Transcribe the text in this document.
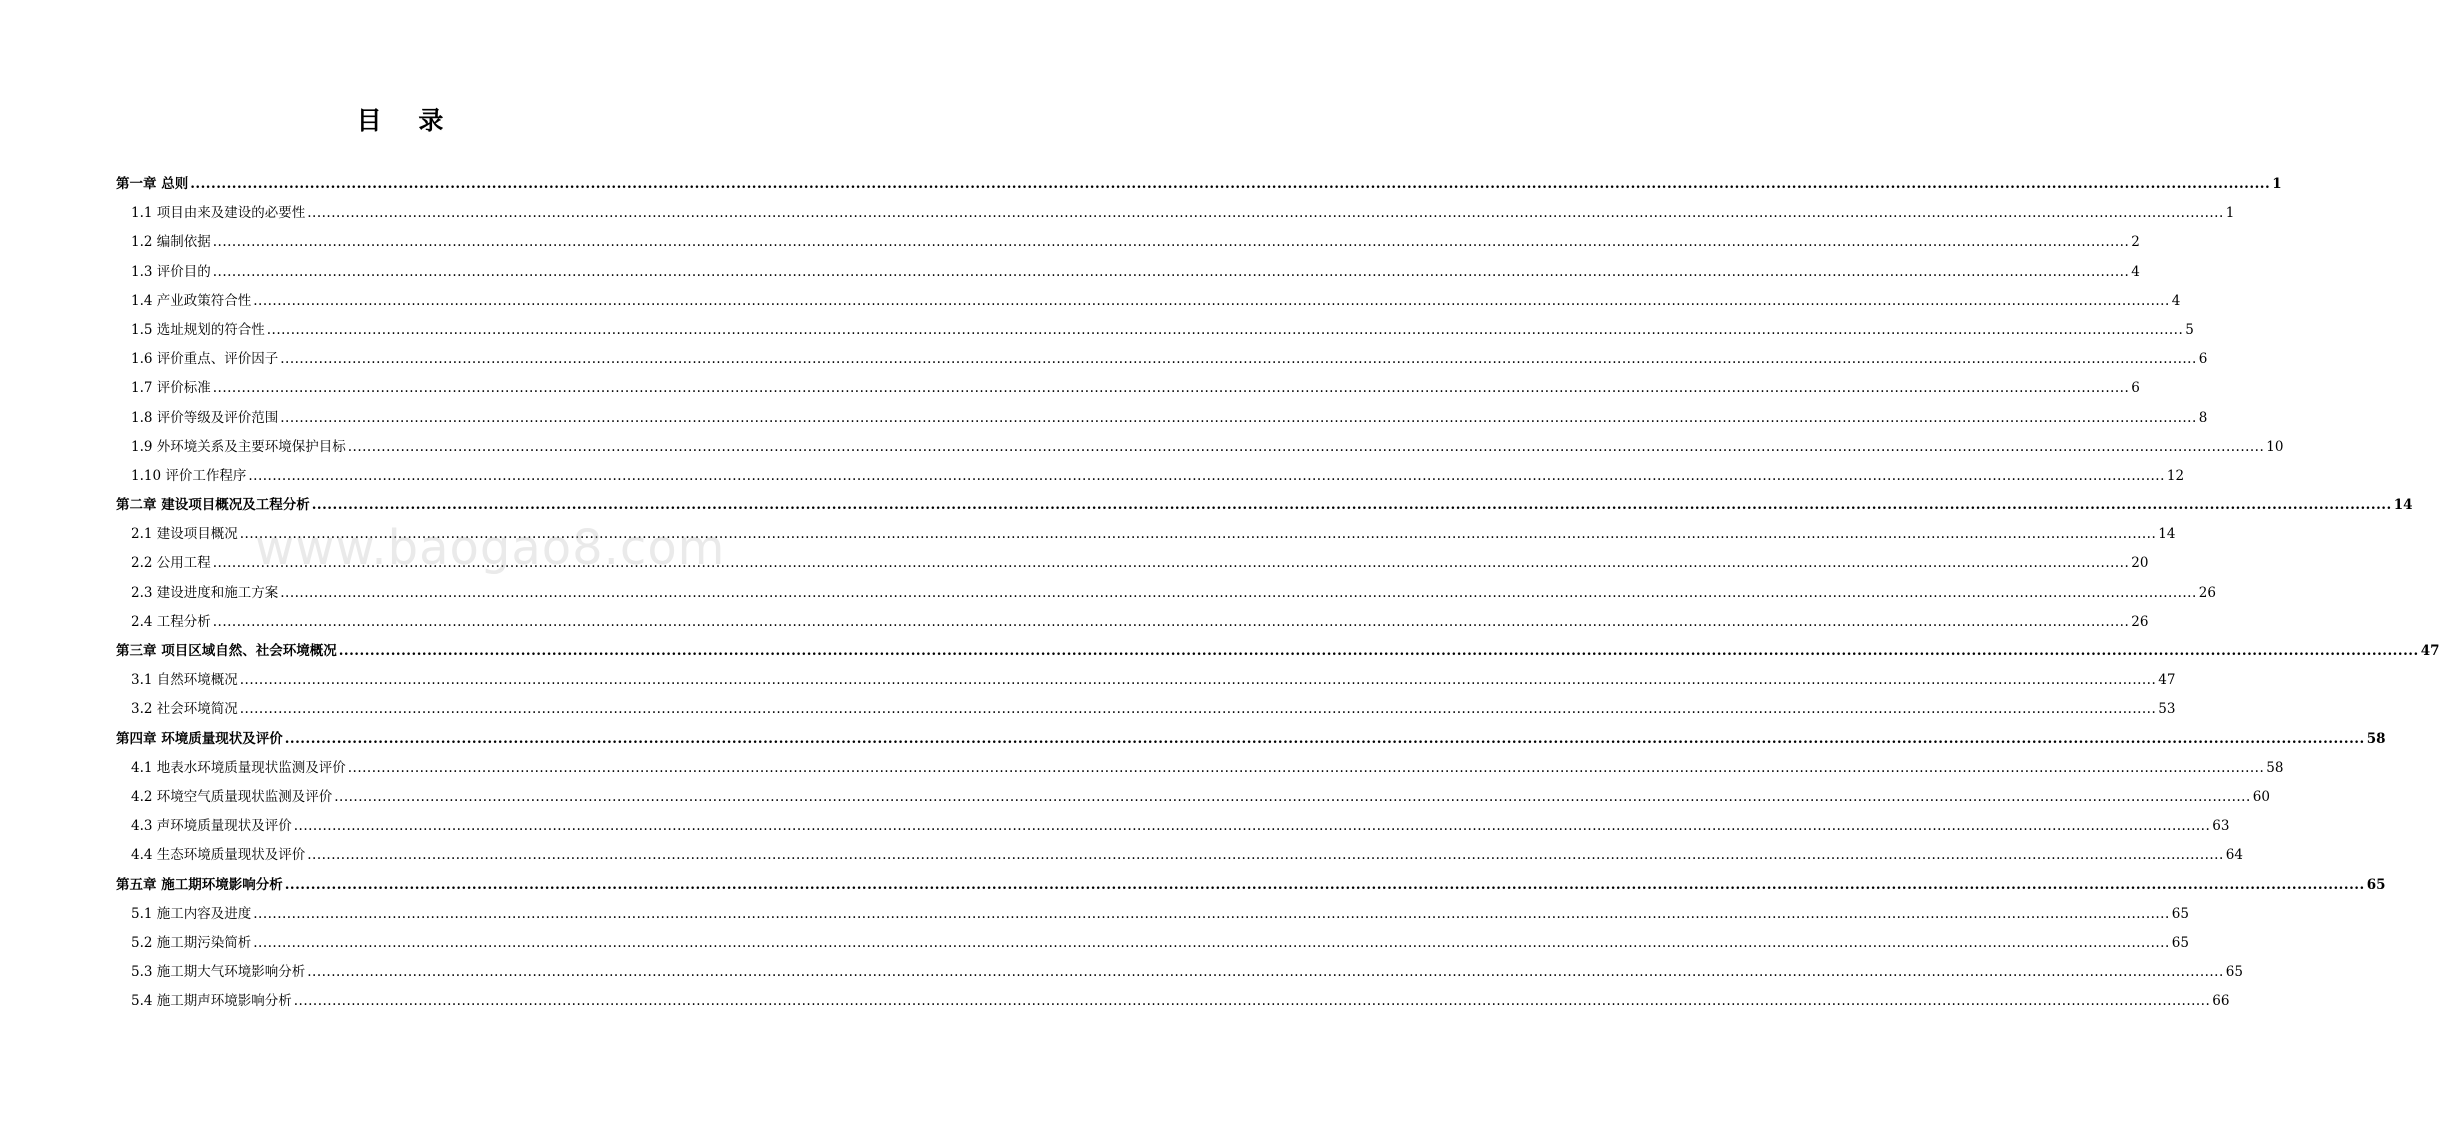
目 录
第一章 总则 ................................................................................................................................................................................................................................................................................................................................................................................................................ 1
1.1 项目由来及建设的必要性 ................................................................................................................................................................................................................................................................................................................................................................................................................ 1
1.2 编制依据 ................................................................................................................................................................................................................................................................................................................................................................................................................ 2
1.3 评价目的 ................................................................................................................................................................................................................................................................................................................................................................................................................ 4
1.4 产业政策符合性 ................................................................................................................................................................................................................................................................................................................................................................................................................ 4
1.5 选址规划的符合性 ................................................................................................................................................................................................................................................................................................................................................................................................................ 5
1.6 评价重点、评价因子 ................................................................................................................................................................................................................................................................................................................................................................................................................ 6
1.7 评价标准 ................................................................................................................................................................................................................................................................................................................................................................................................................ 6
1.8 评价等级及评价范围 ................................................................................................................................................................................................................................................................................................................................................................................................................ 8
1.9 外环境关系及主要环境保护目标 ................................................................................................................................................................................................................................................................................................................................................................................................................ 10
1.10 评价工作程序 ................................................................................................................................................................................................................................................................................................................................................................................................................ 12
第二章 建设项目概况及工程分析 ................................................................................................................................................................................................................................................................................................................................................................................................................ 14
2.1 建设项目概况 ................................................................................................................................................................................................................................................................................................................................................................................................................ 14
2.2 公用工程 ................................................................................................................................................................................................................................................................................................................................................................................................................ 20
2.3 建设进度和施工方案 ................................................................................................................................................................................................................................................................................................................................................................................................................ 26
2.4 工程分析 ................................................................................................................................................................................................................................................................................................................................................................................................................ 26
第三章 项目区域自然、社会环境概况 ................................................................................................................................................................................................................................................................................................................................................................................................................ 47
3.1 自然环境概况 ................................................................................................................................................................................................................................................................................................................................................................................................................ 47
3.2 社会环境简况 ................................................................................................................................................................................................................................................................................................................................................................................................................ 53
第四章 环境质量现状及评价 ................................................................................................................................................................................................................................................................................................................................................................................................................ 58
4.1 地表水环境质量现状监测及评价 ................................................................................................................................................................................................................................................................................................................................................................................................................ 58
4.2 环境空气质量现状监测及评价 ................................................................................................................................................................................................................................................................................................................................................................................................................ 60
4.3 声环境质量现状及评价 ................................................................................................................................................................................................................................................................................................................................................................................................................ 63
4.4 生态环境质量现状及评价 ................................................................................................................................................................................................................................................................................................................................................................................................................ 64
第五章 施工期环境影响分析 ................................................................................................................................................................................................................................................................................................................................................................................................................ 65
5.1 施工内容及进度 ................................................................................................................................................................................................................................................................................................................................................................................................................ 65
5.2 施工期污染简析 ................................................................................................................................................................................................................................................................................................................................................................................................................ 65
5.3 施工期大气环境影响分析 ................................................................................................................................................................................................................................................................................................................................................................................................................ 65
5.4 施工期声环境影响分析 ................................................................................................................................................................................................................................................................................................................................................................................................................ 66
www.baogao8.com
